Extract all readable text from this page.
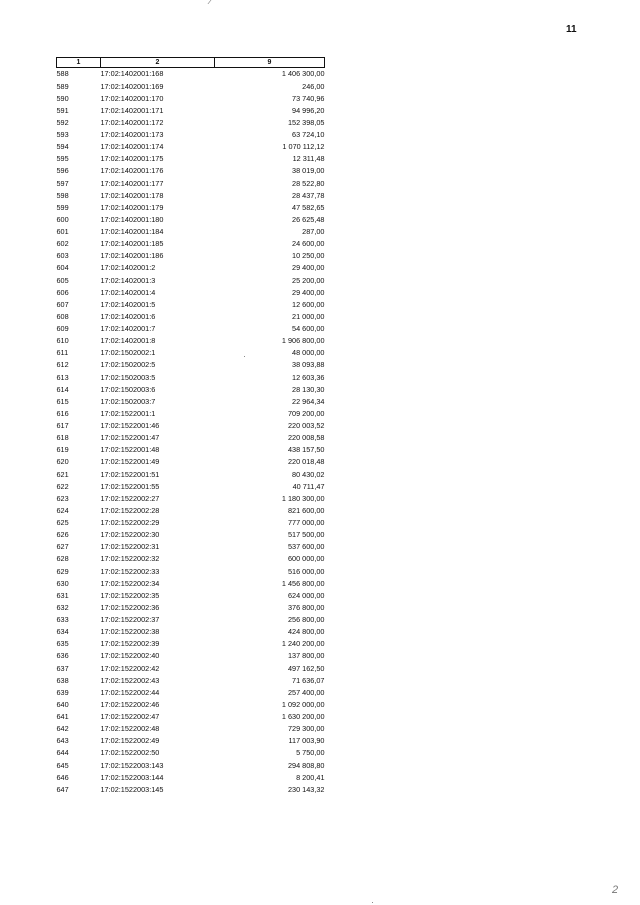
11
⁄
2
1	2	9
588	17:02:1402001:168	1 406 300,00
589	17:02:1402001:169	246,00
590	17:02:1402001:170	73 740,96
591	17:02:1402001:171	94 996,20
592	17:02:1402001:172	152 398,05
593	17:02:1402001:173	63 724,10
594	17:02:1402001:174	1 070 112,12
595	17:02:1402001:175	12 311,48
596	17:02:1402001:176	38 019,00
597	17:02:1402001:177	28 522,80
598	17:02:1402001:178	28 437,78
599	17:02:1402001:179	47 582,65
600	17:02:1402001:180	26 625,48
601	17:02:1402001:184	287,00
602	17:02:1402001:185	24 600,00
603	17:02:1402001:186	10 250,00
604	17:02:1402001:2	29 400,00
605	17:02:1402001:3	25 200,00
606	17:02:1402001:4	29 400,00
607	17:02:1402001:5	12 600,00
608	17:02:1402001:6	21 000,00
609	17:02:1402001:7	54 600,00
610	17:02:1402001:8	1 906 800,00
611	17:02:1502002:1	48 000,00
612	17:02:1502002:5	38 093,88
613	17:02:1502003:5	12 603,36
614	17:02:1502003:6	28 130,30
615	17:02:1502003:7	22 964,34
616	17:02:1522001:1	709 200,00
617	17:02:1522001:46	220 003,52
618	17:02:1522001:47	220 008,58
619	17:02:1522001:48	438 157,50
620	17:02:1522001:49	220 018,48
621	17:02:1522001:51	80 430,02
622	17:02:1522001:55	40 711,47
623	17:02:1522002:27	1 180 300,00
624	17:02:1522002:28	821 600,00
625	17:02:1522002:29	777 000,00
626	17:02:1522002:30	517 500,00
627	17:02:1522002:31	537 600,00
628	17:02:1522002:32	600 000,00
629	17:02:1522002:33	516 000,00
630	17:02:1522002:34	1 456 800,00
631	17:02:1522002:35	624 000,00
632	17:02:1522002:36	376 800,00
633	17:02:1522002:37	256 800,00
634	17:02:1522002:38	424 800,00
635	17:02:1522002:39	1 240 200,00
636	17:02:1522002:40	137 800,00
637	17:02:1522002:42	497 162,50
638	17:02:1522002:43	71 636,07
639	17:02:1522002:44	257 400,00
640	17:02:1522002:46	1 092 000,00
641	17:02:1522002:47	1 630 200,00
642	17:02:1522002:48	729 300,00
643	17:02:1522002:49	117 003,90
644	17:02:1522002:50	5 750,00
645	17:02:1522003:143	294 808,80
646	17:02:1522003:144	8 200,41
647	17:02:1522003:145	230 143,32
